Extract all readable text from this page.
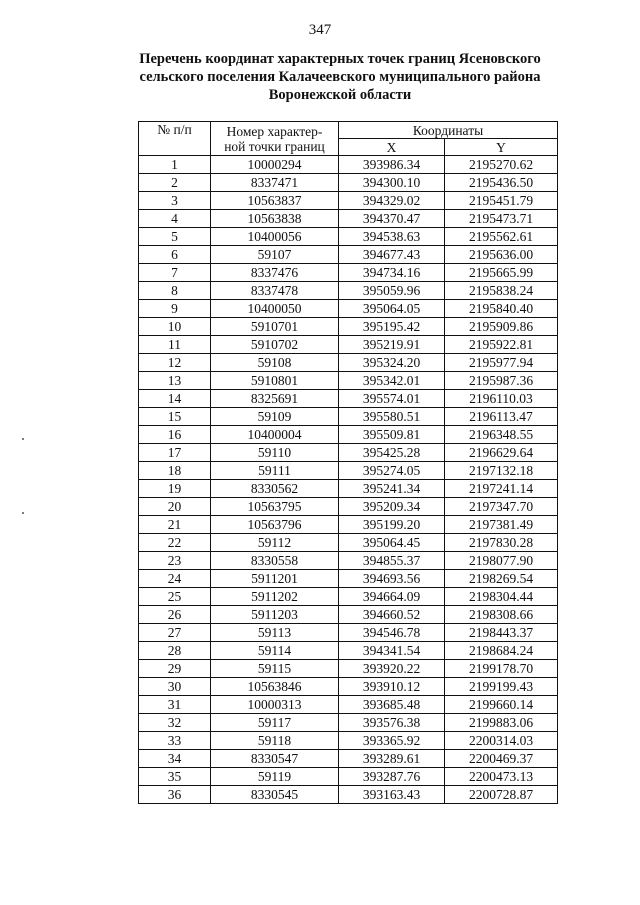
347
Перечень координат характерных точек границ Ясеновского
сельского поселения Калачеевского муниципального района
Воронежской области
№ п/п	Номер характер-
ной точки границ	Координаты	
		X	Y
1	10000294	393986.34	2195270.62
2	8337471	394300.10	2195436.50
3	10563837	394329.02	2195451.79
4	10563838	394370.47	2195473.71
5	10400056	394538.63	2195562.61
6	59107	394677.43	2195636.00
7	8337476	394734.16	2195665.99
8	8337478	395059.96	2195838.24
9	10400050	395064.05	2195840.40
10	5910701	395195.42	2195909.86
11	5910702	395219.91	2195922.81
12	59108	395324.20	2195977.94
13	5910801	395342.01	2195987.36
14	8325691	395574.01	2196110.03
15	59109	395580.51	2196113.47
16	10400004	395509.81	2196348.55
17	59110	395425.28	2196629.64
18	59111	395274.05	2197132.18
19	8330562	395241.34	2197241.14
20	10563795	395209.34	2197347.70
21	10563796	395199.20	2197381.49
22	59112	395064.45	2197830.28
23	8330558	394855.37	2198077.90
24	5911201	394693.56	2198269.54
25	5911202	394664.09	2198304.44
26	5911203	394660.52	2198308.66
27	59113	394546.78	2198443.37
28	59114	394341.54	2198684.24
29	59115	393920.22	2199178.70
30	10563846	393910.12	2199199.43
31	10000313	393685.48	2199660.14
32	59117	393576.38	2199883.06
33	59118	393365.92	2200314.03
34	8330547	393289.61	2200469.37
35	59119	393287.76	2200473.13
36	8330545	393163.43	2200728.87
